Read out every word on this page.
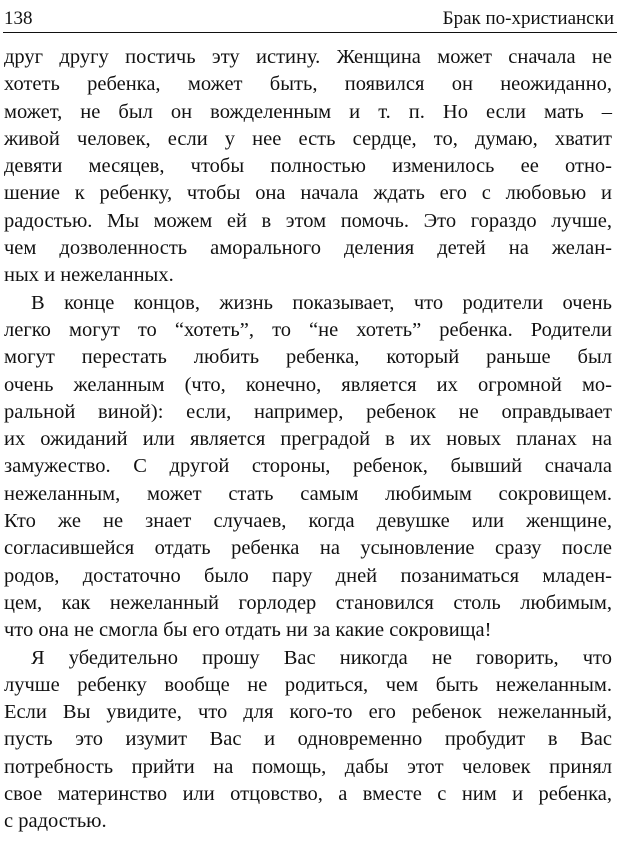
138	Брак по-христиански
друг другу постичь эту истину. Женщина может сначала не
хотеть ребенка, может быть, появился он неожиданно,
может, не был он вожделенным и т. п. Но если мать –
живой человек, если у нее есть сердце, то, думаю, хватит
девяти месяцев, чтобы полностью изменилось ее отно-
шение к ребенку, чтобы она начала ждать его с любовью и
радостью. Мы можем ей в этом помочь. Это гораздо лучше,
чем дозволенность аморального деления детей на желан-
ных и нежеланных.
В конце концов, жизнь показывает, что родители очень
легко могут то “хотеть”, то “не хотеть” ребенка. Родители
могут перестать любить ребенка, который раньше был
очень желанным (что, конечно, является их огромной мо-
ральной виной): если, например, ребенок не оправдывает
их ожиданий или является преградой в их новых планах на
замужество. С другой стороны, ребенок, бывший сначала
нежеланным, может стать самым любимым сокровищем.
Кто же не знает случаев, когда девушке или женщине,
согласившейся отдать ребенка на усыновление сразу после
родов, достаточно было пару дней позаниматься младен-
цем, как нежеланный горлодер становился столь любимым,
что она не смогла бы его отдать ни за какие сокровища!
Я убедительно прошу Вас никогда не говорить, что
лучше ребенку вообще не родиться, чем быть нежеланным.
Если Вы увидите, что для кого-то его ребенок нежеланный,
пусть это изумит Вас и одновременно пробудит в Вас
потребность прийти на помощь, дабы этот человек принял
свое материнство или отцовство, а вместе с ним и ребенка,
с радостью.
